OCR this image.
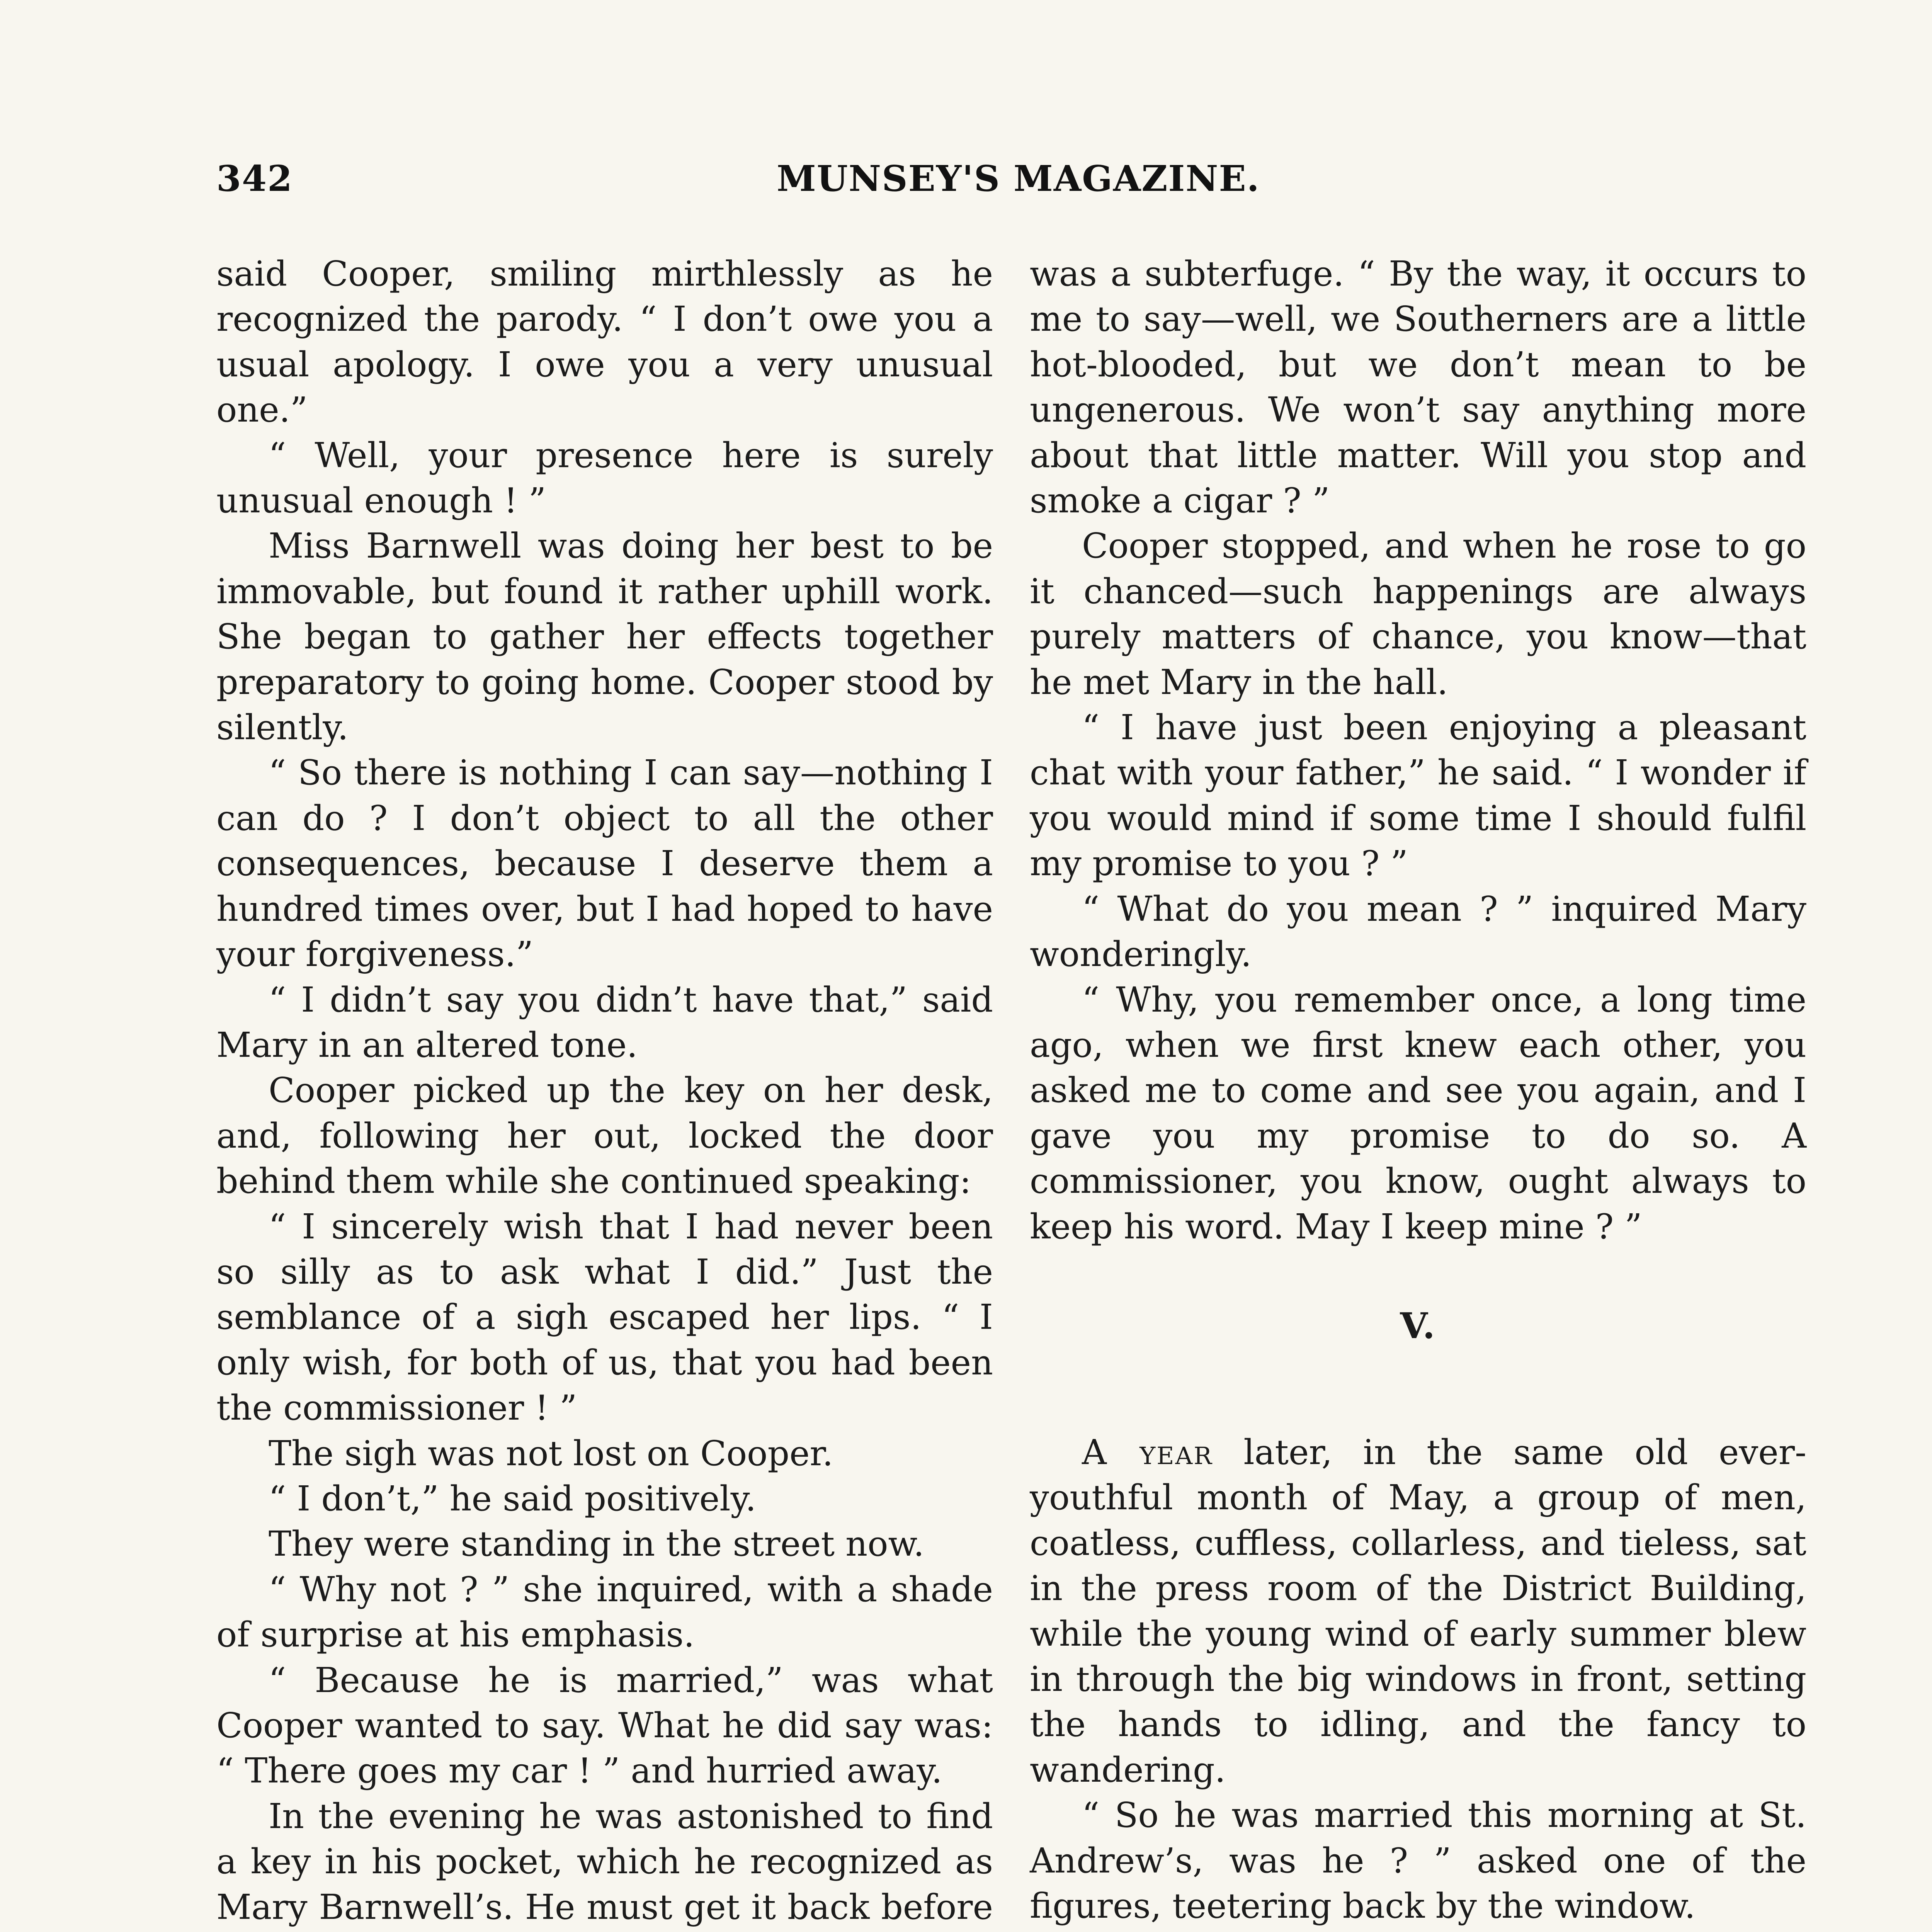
342	MUNSEY'S MAGAZINE.

said Cooper, smiling mirthlessly as he recognized the parody. “ I don’t owe you a usual apology. I owe you a very unusual one.”

“ Well, your presence here is surely unusual enough ! ”

Miss Barnwell was doing her best to be immovable, but found it rather uphill work. She began to gather her effects together preparatory to going home. Cooper stood by silently.

“ So there is nothing I can say—nothing I can do ? I don’t object to all the other consequences, because I deserve them a hundred times over, but I had hoped to have your forgiveness.”

“ I didn’t say you didn’t have that,” said Mary in an altered tone.

Cooper picked up the key on her desk, and, following her out, locked the door behind them while she continued speaking:

“ I sincerely wish that I had never been so silly as to ask what I did.” Just the semblance of a sigh escaped her lips. “ I only wish, for both of us, that you had been the commissioner ! ”

The sigh was not lost on Cooper.

“ I don’t,” he said positively.

They were standing in the street now.

“ Why not ? ” she inquired, with a shade of surprise at his emphasis.

“ Because he is married,” was what Cooper wanted to say. What he did say was: “ There goes my car ! ” and hurried away.

In the evening he was astonished to find a key in his pocket, which he recognized as Mary Barnwell’s. He must get it back before

was a subterfuge. “ By the way, it occurs to me to say—well, we Southerners are a little hot-blooded, but we don’t mean to be ungenerous. We won’t say anything more about that little matter. Will you stop and smoke a cigar ? ”

Cooper stopped, and when he rose to go it chanced—such happenings are always purely matters of chance, you know—that he met Mary in the hall.

“ I have just been enjoying a pleasant chat with your father,” he said. “ I wonder if you would mind if some time I should fulfil my promise to you ? ”

“ What do you mean ? ” inquired Mary wonderingly.

“ Why, you remember once, a long time ago, when we first knew each other, you asked me to come and see you again, and I gave you my promise to do so. A commissioner, you know, ought always to keep his word. May I keep mine ? ”

V.

A year later, in the same old ever-youthful month of May, a group of men, coatless, cuffless, collarless, and tieless, sat in the press room of the District Building, while the young wind of early summer blew in through the big windows in front, setting the hands to idling, and the fancy to wandering.

“ So he was married this morning at St. Andrew’s, was he ? ” asked one of the figures, teetering back by the window.
